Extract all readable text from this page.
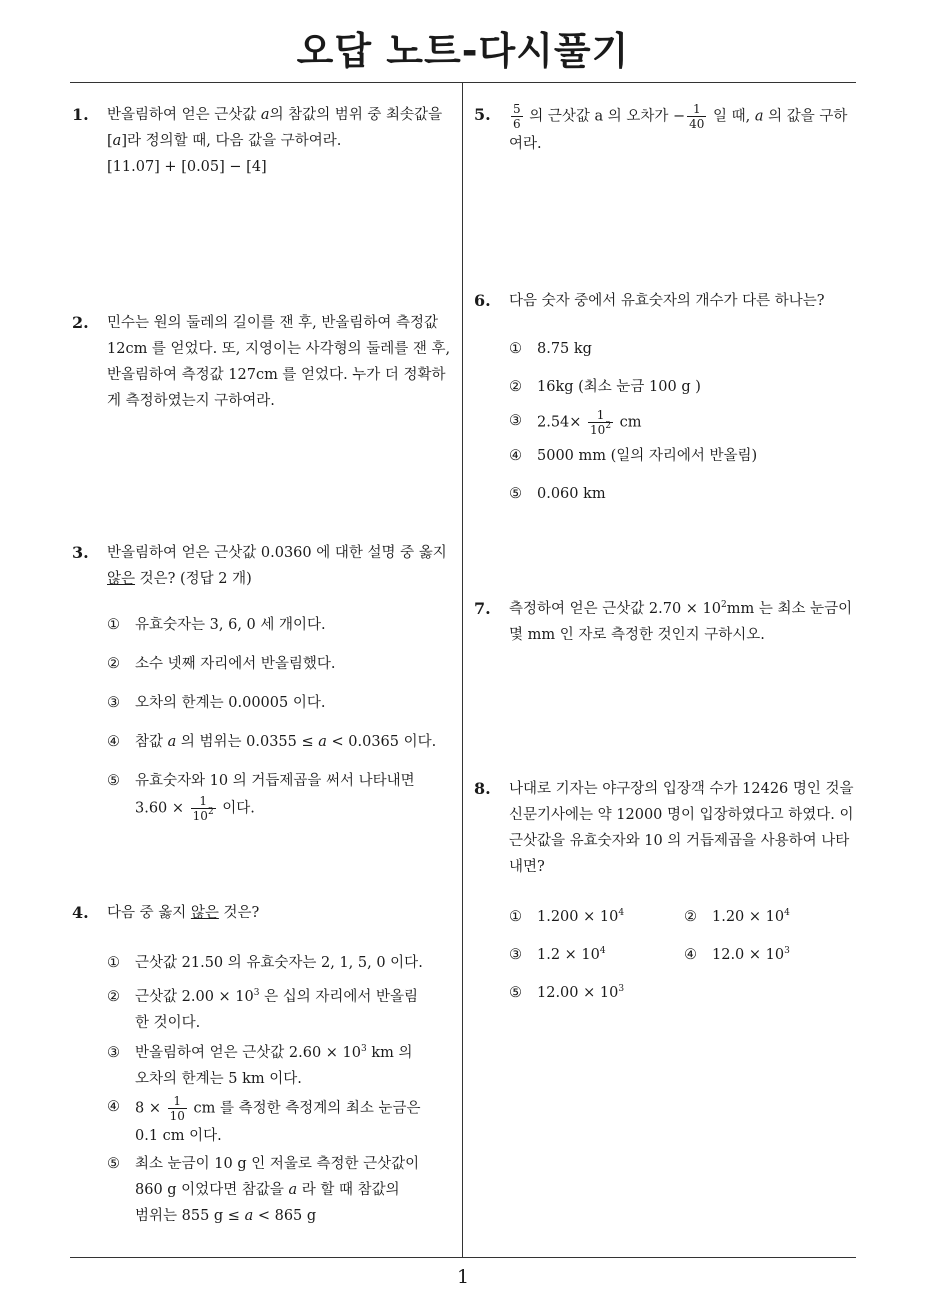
오답 노트-다시풀기
1
1. 반올림하여 얻은 근삿값 a의 참값의 범위 중 최솟값을 [a]라 정의할 때, 다음 값을 구하여라.
[11.07] + [0.05] − [4]
2. 민수는 원의 둘레의 길이를 잰 후, 반올림하여 측정값 12cm 를 얻었다. 또, 지영이는 사각형의 둘레를 잰 후, 반올림하여 측정값 127cm 를 얻었다. 누가 더 정확하게 측정하였는지 구하여라.
3. 반올림하여 얻은 근삿값 0.0360 에 대한 설명 중 옳지 않은 것은? (정답 2 개)
① 유효숫자는 3, 6, 0 세 개이다.
② 소수 넷째 자리에서 반올림했다.
③ 오차의 한계는 0.00005 이다.
④ 참값 a 의 범위는 0.0355 ≤ a < 0.0365 이다.
⑤ 유효숫자와 10 의 거듭제곱을 써서 나타내면
$3.60 \times \frac{1}{10^2}$ 이다.
4. 다음 중 옳지 않은 것은?
① 근삿값 21.50 의 유효숫자는 2, 1, 5, 0 이다.
② 근삿값 $2.00 \times 10^3$ 은 십의 자리에서 반올림한 것이다.
③ 반올림하여 얻은 근삿값 $2.60 \times 10^3$ km 의 오차의 한계는 5 km 이다.
④ $8 \times \frac{1}{10}$ cm 를 측정한 측정계의 최소 눈금은
0.1 cm 이다.
⑤ 최소 눈금이 10 g 인 저울로 측정한 근삿값이
860 g 이었다면 참값을 a 라 할 때 참값의
범위는 855 g ≤ a < 865 g
5. $\frac{5}{6}$ 의 근삿값 a 의 오차가 − $\frac{1}{40}$ 일 때, a 의 값을 구하
여라.
6. 다음 숫자 중에서 유효숫자의 개수가 다른 하나는?
① 8.75 kg
② 16kg (최소 눈금 100 g )
③ $2.54\times \frac{1}{10^2}$ cm
④ 5000 mm (일의 자리에서 반올림)
⑤ 0.060 km
7. 측정하여 얻은 근삿값 $2.70 \times 10^2mm$ 는 최소 눈금이 몇 mm 인 자로 측정한 것인지 구하시오.
8. 나대로 기자는 야구장의 입장객 수가 12426 명인 것을 신문기사에는 약 12000 명이 입장하였다고 하였다. 이 근삿값을 유효숫자와 10 의 거듭제곱을 사용하여 나타내면?
① $1.200 \times 10^4$	② $1.20 \times 10^4$
③ $1.2 \times 10^4$	④ $12.0 \times 10^3$
⑤ $12.00 \times 10^3$
